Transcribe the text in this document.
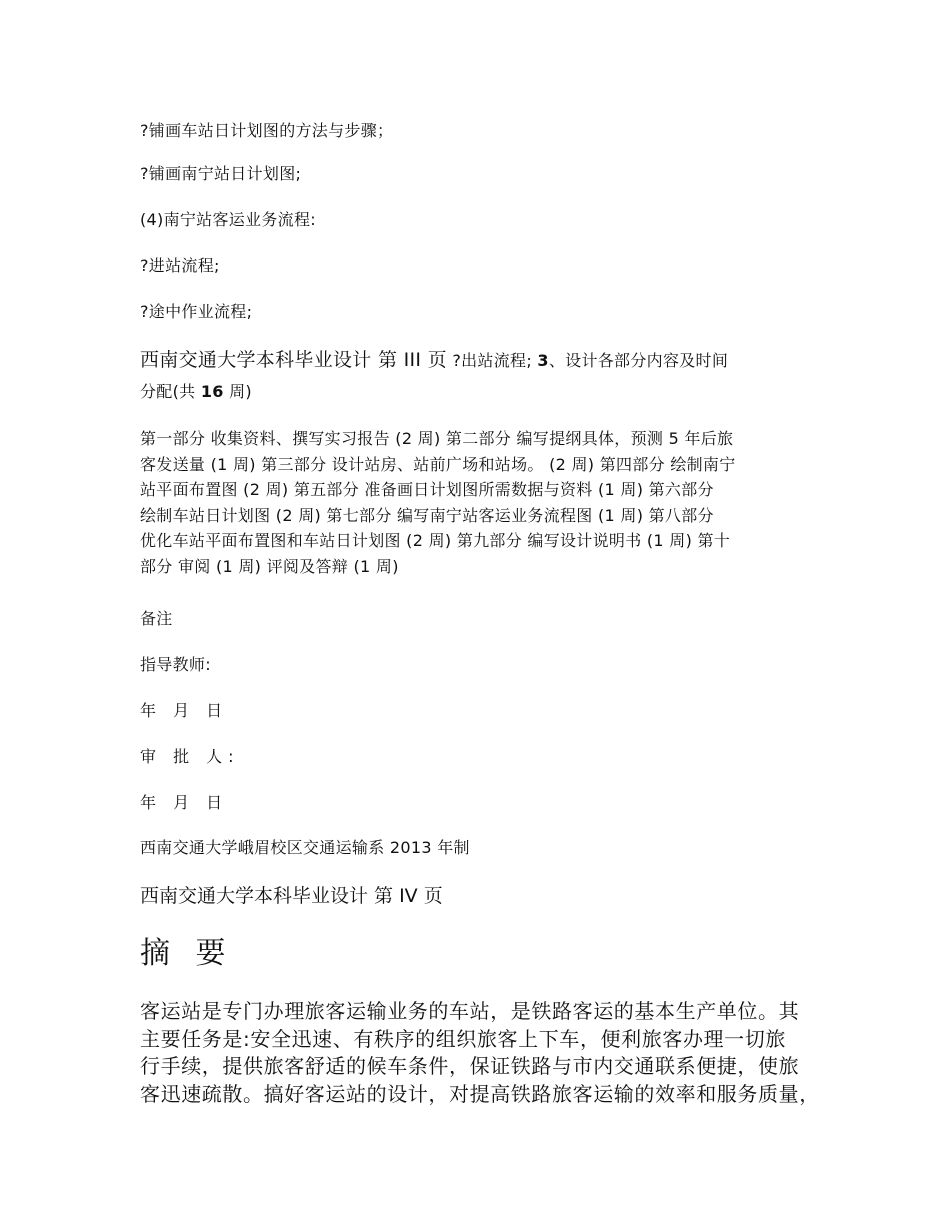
?铺画车站日计划图的方法与步骤；
?铺画南宁站日计划图;
(4)南宁站客运业务流程:
?进站流程;
?途中作业流程;
西南交通大学本科毕业设计 第 III 页 ?出站流程; 3、设计各部分内容及时间
分配(共 16 周)
第一部分 收集资料、撰写实习报告 (2 周) 第二部分 编写提纲具体，预测 5 年后旅
客发送量 (1 周) 第三部分 设计站房、站前广场和站场。 (2 周) 第四部分 绘制南宁
站平面布置图 (2 周) 第五部分 准备画日计划图所需数据与资料 (1 周) 第六部分
绘制车站日计划图 (2 周) 第七部分 编写南宁站客运业务流程图 (1 周) 第八部分
优化车站平面布置图和车站日计划图 (2 周) 第九部分 编写设计说明书 (1 周) 第十
部分 审阅 (1 周) 评阅及答辩 (1 周)
备注
指导教师:
年 月 日
审 批 人:
年 月 日
西南交通大学峨眉校区交通运输系 2013 年制
西南交通大学本科毕业设计 第 IV 页
摘 要
客运站是专门办理旅客运输业务的车站，是铁路客运的基本生产单位。其
主要任务是:安全迅速、有秩序的组织旅客上下车，便利旅客办理一切旅
行手续，提供旅客舒适的候车条件，保证铁路与市内交通联系便捷，使旅
客迅速疏散。搞好客运站的设计，对提高铁路旅客运输的效率和服务质量，
